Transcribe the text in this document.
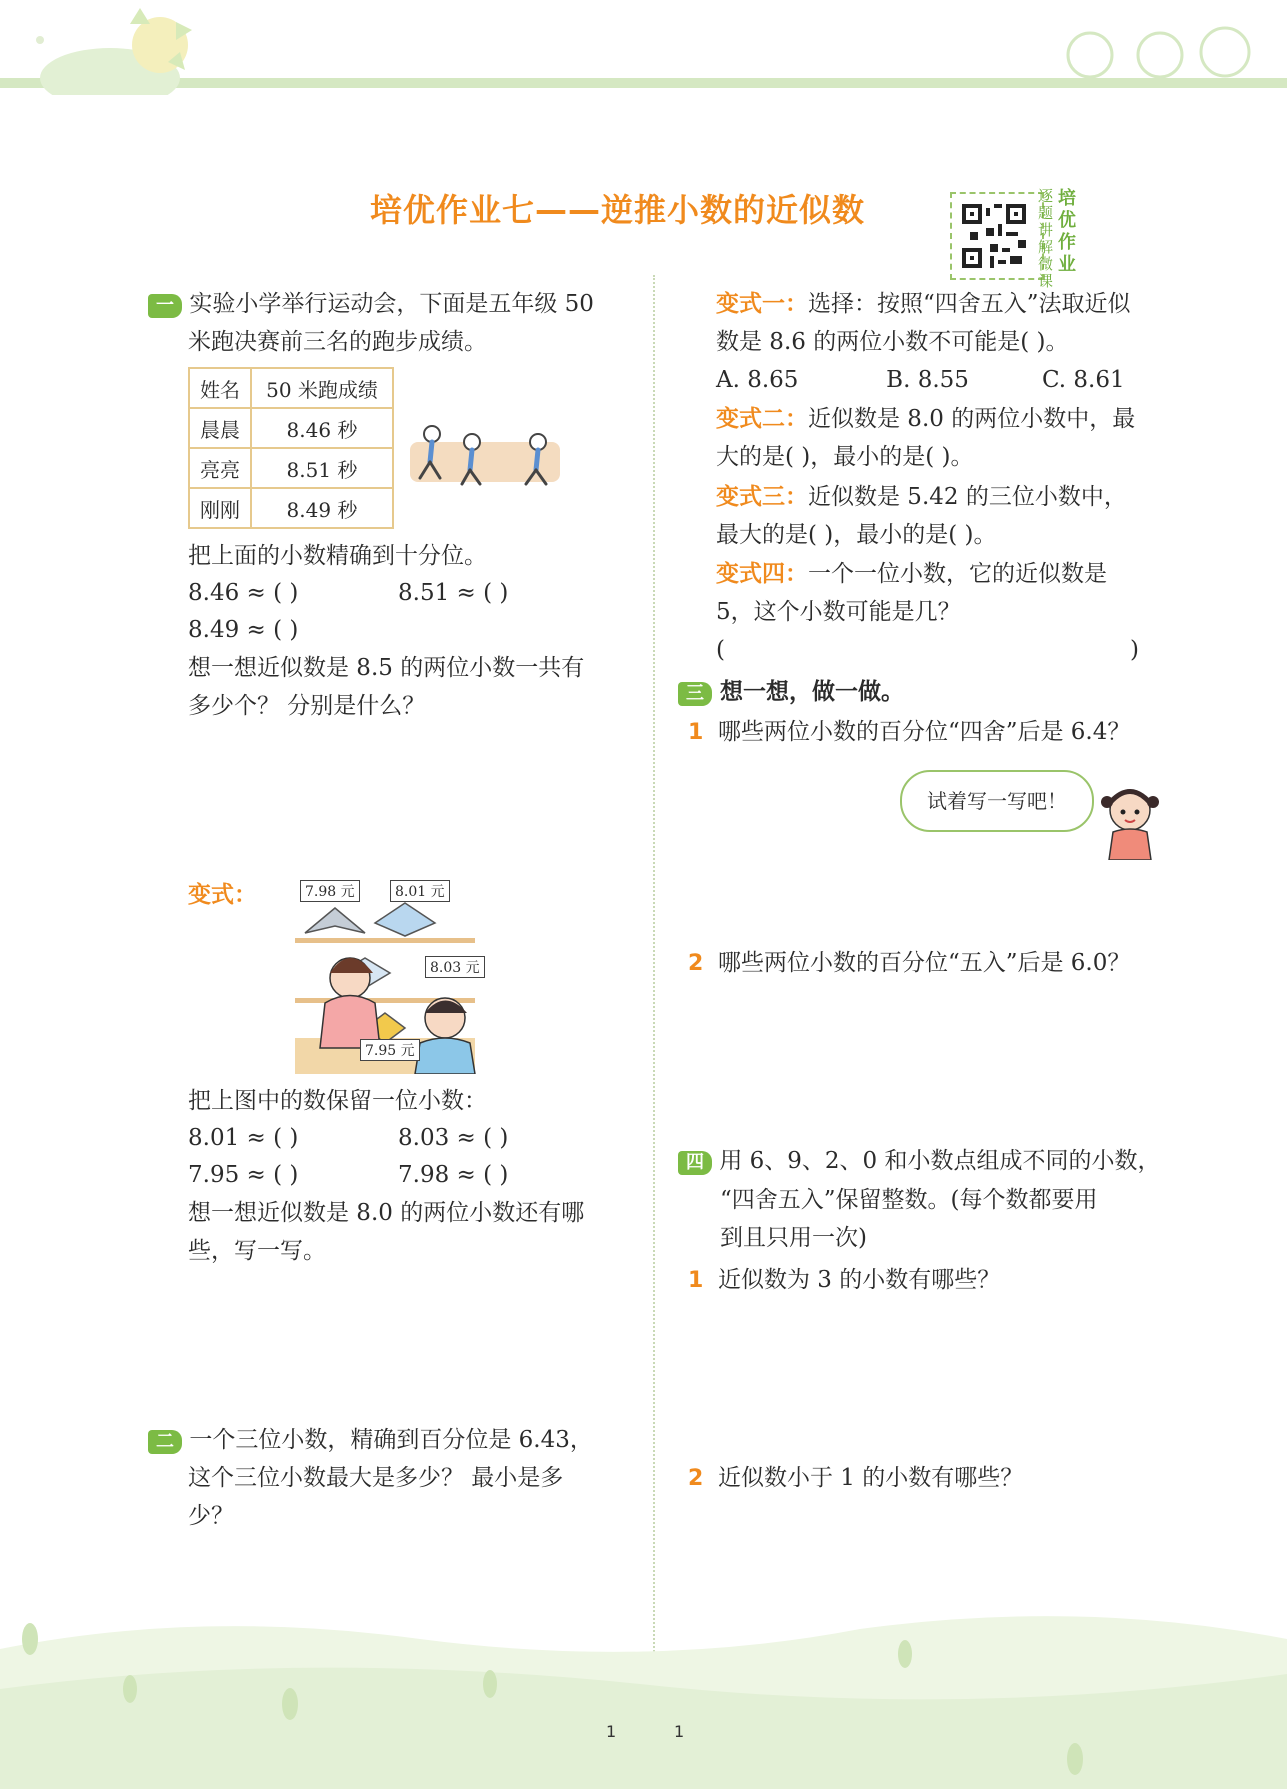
培优作业七——逆推小数的近似数	逐题讲解微课
培优作业
一 实验小学举行运动会，下面是五年级 50
米跑决赛前三名的跑步成绩。
姓名	50 米跑成绩
晨晨	8.46 秒
亮亮	8.51 秒
刚刚	8.49 秒
把上面的小数精确到十分位。
8.46 ≈ ( )	8.51 ≈ ( )
8.49 ≈ ( )
想一想近似数是 8.5 的两位小数一共有
多少个？ 分别是什么？
变式：	7.98 元	8.01 元
8.03 元
7.95 元
把上图中的数保留一位小数：
8.01 ≈ ( )	8.03 ≈ ( )
7.95 ≈ ( )	7.98 ≈ ( )
想一想近似数是 8.0 的两位小数还有哪
些，写一写。
二 一个三位小数，精确到百分位是 6.43，
这个三位小数最大是多少？ 最小是多
少？
变式一：选择：按照“四舍五入”法取近似
数是 8.6 的两位小数不可能是( )。
A. 8.65            B. 8.55          C. 8.61
变式二：近似数是 8.0 的两位小数中，最
大的是( )，最小的是( )。
变式三：近似数是 5.42 的三位小数中，
最大的是( )，最小的是( )。
变式四：一个一位小数，它的近似数是
5，这个小数可能是几？
(	)
三 想一想，做一做。
1 哪些两位小数的百分位“四舍”后是 6.4？
试着写一写吧！
2 哪些两位小数的百分位“五入”后是 6.0？
四 用 6、9、2、0 和小数点组成不同的小数，
“四舍五入”保留整数。(每个数都要用
到且只用一次)
1 近似数为 3 的小数有哪些？
2 近似数小于 1 的小数有哪些？
1	1
